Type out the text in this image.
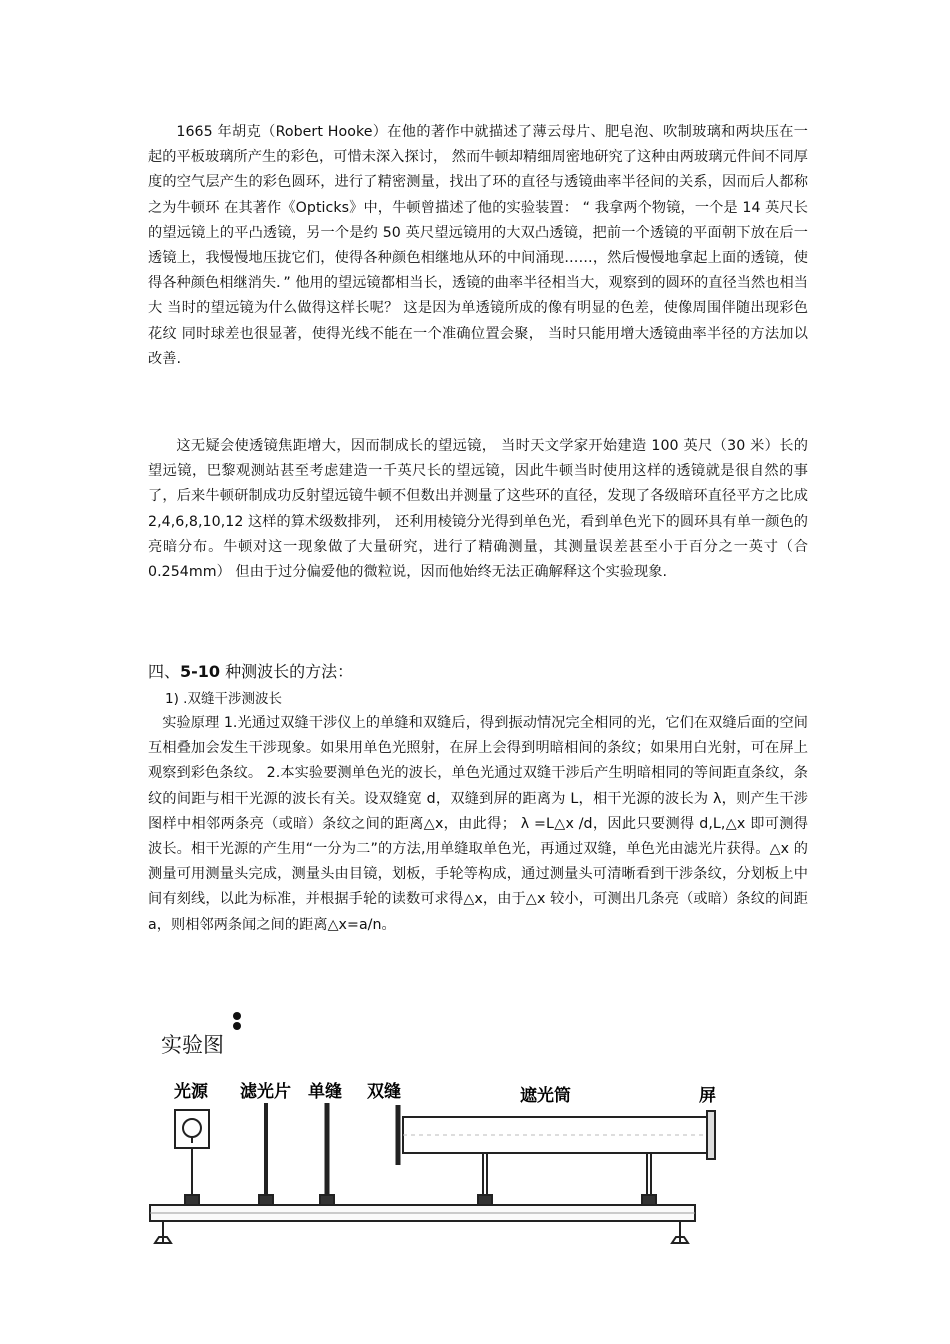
1665 年胡克（Robert Hooke）在他的著作中就描述了薄云母片、肥皂泡、吹制玻璃和两块压在一起的平板玻璃所产生的彩色，可惜未深入探讨， 然而牛顿却精细周密地研究了这种由两玻璃元件间不同厚度的空气层产生的彩色圆环，进行了精密测量，找出了环的直径与透镜曲率半径间的关系，因而后人都称之为牛顿环 在其著作《Opticks》中，牛顿曾描述了他的实验装置： “ 我拿两个物镜，一个是 14 英尺长的望远镜上的平凸透镜，另一个是约 50 英尺望远镜用的大双凸透镜，把前一个透镜的平面朝下放在后一透镜上，我慢慢地压拢它们，使得各种颜色相继地从环的中间涌现……，然后慢慢地拿起上面的透镜，使得各种颜色相继消失．” 他用的望远镜都相当长，透镜的曲率半径相当大，观察到的圆环的直径当然也相当大 当时的望远镜为什么做得这样长呢？ 这是因为单透镜所成的像有明显的色差，使像周围伴随出现彩色花纹 同时球差也很显著，使得光线不能在一个准确位置会聚， 当时只能用增大透镜曲率半径的方法加以改善.

这无疑会使透镜焦距增大，因而制成长的望远镜， 当时天文学家开始建造 100 英尺（30 米）长的望远镜，巴黎观测站甚至考虑建造一千英尺长的望远镜，因此牛顿当时使用这样的透镜就是很自然的事了，后来牛顿研制成功反射望远镜牛顿不但数出并测量了这些环的直径，发现了各级暗环直径平方之比成 2,4,6,8,10,12 这样的算术级数排列， 还利用棱镜分光得到单色光，看到单色光下的圆环具有单一颜色的亮暗分布。牛顿对这一现象做了大量研究，进行了精确测量，其测量误差甚至小于百分之一英寸（合 0.254mm） 但由于过分偏爱他的微粒说，因而他始终无法正确解释这个实验现象.

四、5-10 种测波长的方法：
1) .双缝干涉测波长

实验原理 1.光通过双缝干涉仪上的单缝和双缝后，得到振动情况完全相同的光，它们在双缝后面的空间互相叠加会发生干涉现象。如果用单色光照射，在屏上会得到明暗相间的条纹；如果用白光射，可在屏上观察到彩色条纹。 2.本实验要测单色光的波长，单色光通过双缝干涉后产生明暗相同的等间距直条纹，条纹的间距与相干光源的波长有关。设双缝宽 d，双缝到屏的距离为 L，相干光源的波长为 λ，则产生干涉图样中相邻两条亮（或暗）条纹之间的距离△x，由此得； λ =L△x /d，因此只要测得 d,L,△x 即可测得波长。相干光源的产生用“一分为二”的方法,用单缝取单色光，再通过双缝，单色光由滤光片获得。△x 的测量可用测量头完成，测量头由目镜，划板，手轮等构成，通过测量头可清晰看到干涉条纹，分划板上中间有刻线，以此为标准，并根据手轮的读数可求得△x，由于△x 较小，可测出几条亮（或暗）条纹的间距 a，则相邻两条闻之间的距离△x=a/n。

实验图
光源 滤光片 单缝 双缝	遮光筒	屏
